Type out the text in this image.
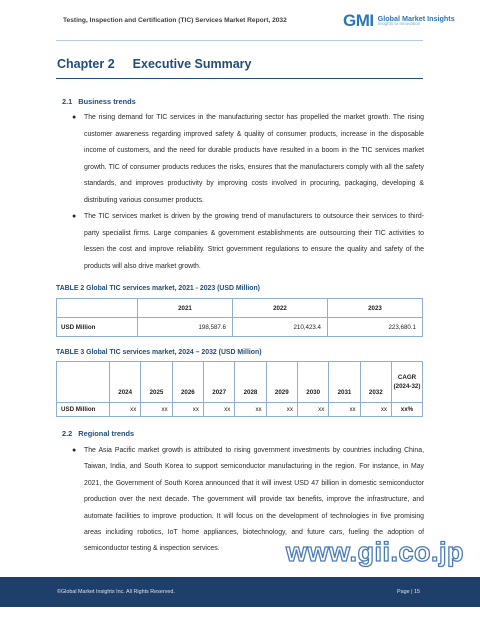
Testing, Inspection and Certification (TIC) Services Market Report, 2032	GMI Global Market Insights
Insights to Innovation
Chapter 2 Executive Summary
2.1 Business trends
● The rising demand for TIC services in the manufacturing sector has propelled the market growth. The rising customer awareness regarding improved safety & quality of consumer products, increase in the disposable income of customers, and the need for durable products have resulted in a boom in the TIC services market growth. TIC of consumer products reduces the risks, ensures that the manufacturers comply with all the safety standards, and improves productivity by improving costs involved in procuring, packaging, developing & distributing various consumer products.
● The TIC services market is driven by the growing trend of manufacturers to outsource their services to third-party specialist firms. Large companies & government establishments are outsourcing their TIC activities to lessen the cost and improve reliability. Strict government regulations to ensure the quality and safety of the products will also drive market growth.
TABLE 2 Global TIC services market, 2021 - 2023 (USD Million)
	2021	2022	2023
USD Million	198,587.6	210,423.4	223,680.1
TABLE 3 Global TIC services market, 2024 – 2032 (USD Million)
	2024	2025	2026	2027	2028	2029	2030	2031	2032	CAGR (2024-32)
USD Million	xx	xx	xx	xx	xx	xx	xx	xx	xx	xx%
2.2 Regional trends
● The Asia Pacific market growth is attributed to rising government investments by countries including China, Taiwan, India, and South Korea to support semiconductor manufacturing in the region. For instance, in May 2021, the Government of South Korea announced that it will invest USD 47 billion in domestic semiconductor production over the next decade. The government will provide tax benefits, improve the infrastructure, and automate facilities to improve production. It will focus on the development of technologies in five promising areas including robotics, IoT home appliances, biotechnology, and future cars, fueling the adoption of semiconductor testing & inspection services.	www.gii.co.jp
©Global Market Insights Inc. All Rights Reserved.	Page | 15
